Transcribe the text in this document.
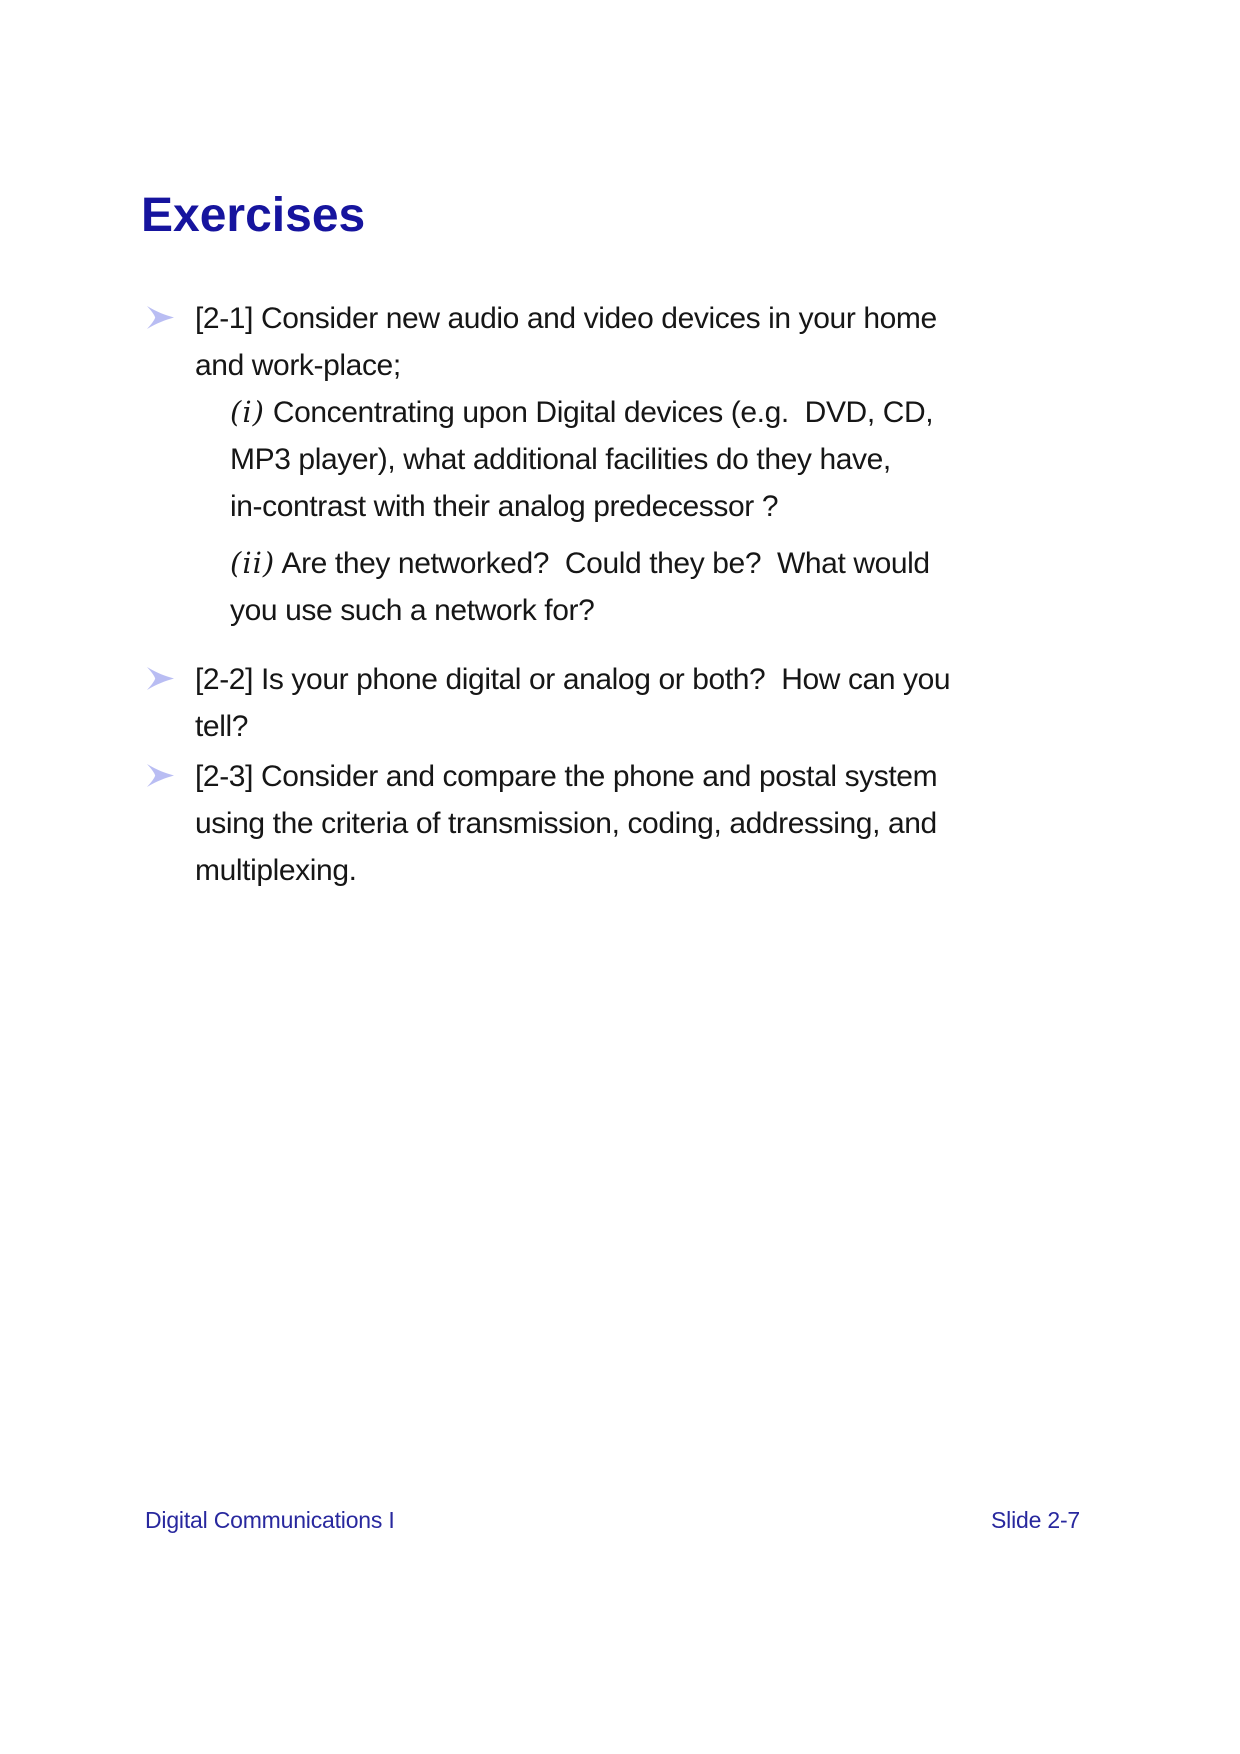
Exercises
[2-1] Consider new audio and video devices in your home
and work-place;
(i) Concentrating upon Digital devices (e.g.  DVD, CD,
MP3 player), what additional facilities do they have,
in-contrast with their analog predecessor ?
(ii) Are they networked?  Could they be?  What would
you use such a network for?
[2-2] Is your phone digital or analog or both?  How can you
tell?
[2-3] Consider and compare the phone and postal system
using the criteria of transmission, coding, addressing, and
multiplexing.
Digital Communications I	Slide 2-7
